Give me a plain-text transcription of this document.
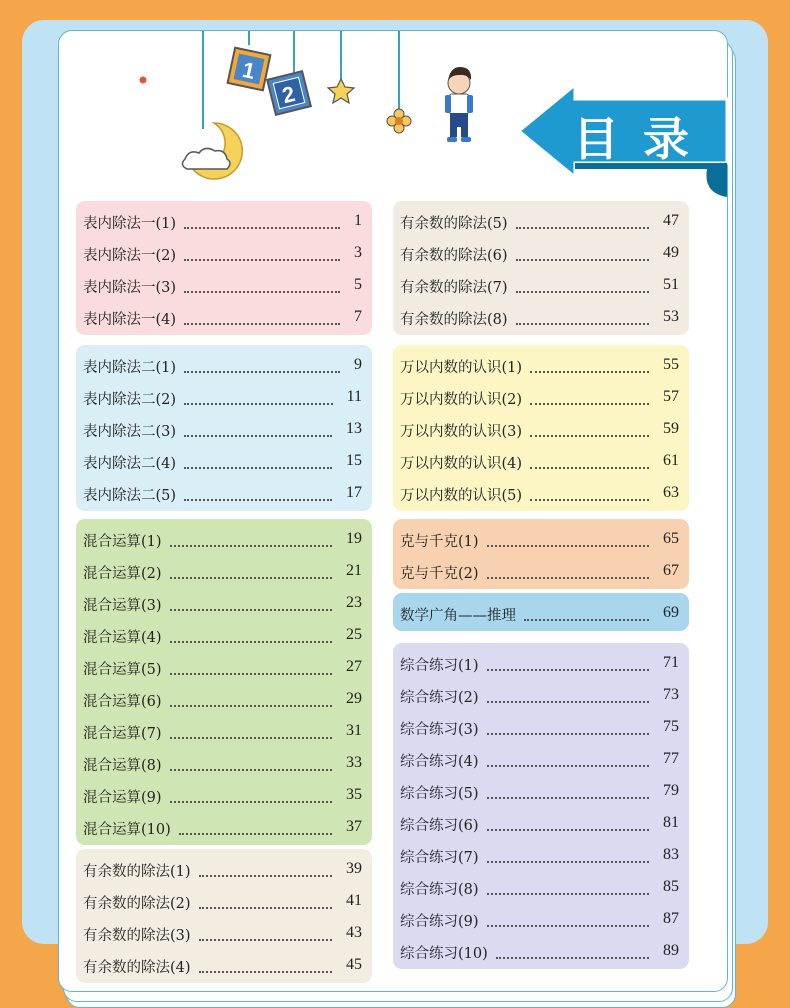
1
2
目 录
表内除法一(1)	1
表内除法一(2)	3
表内除法一(3)	5
表内除法一(4)	7
表内除法二(1)	9
表内除法二(2)	11
表内除法二(3)	13
表内除法二(4)	15
表内除法二(5)	17
混合运算(1)	19
混合运算(2)	21
混合运算(3)	23
混合运算(4)	25
混合运算(5)	27
混合运算(6)	29
混合运算(7)	31
混合运算(8)	33
混合运算(9)	35
混合运算(10)	37
有余数的除法(1)	39
有余数的除法(2)	41
有余数的除法(3)	43
有余数的除法(4)	45
有余数的除法(5)	47
有余数的除法(6)	49
有余数的除法(7)	51
有余数的除法(8)	53
万以内数的认识(1)	55
万以内数的认识(2)	57
万以内数的认识(3)	59
万以内数的认识(4)	61
万以内数的认识(5)	63
克与千克(1)	65
克与千克(2)	67
数学广角——推理	69
综合练习(1)	71
综合练习(2)	73
综合练习(3)	75
综合练习(4)	77
综合练习(5)	79
综合练习(6)	81
综合练习(7)	83
综合练习(8)	85
综合练习(9)	87
综合练习(10)	89
